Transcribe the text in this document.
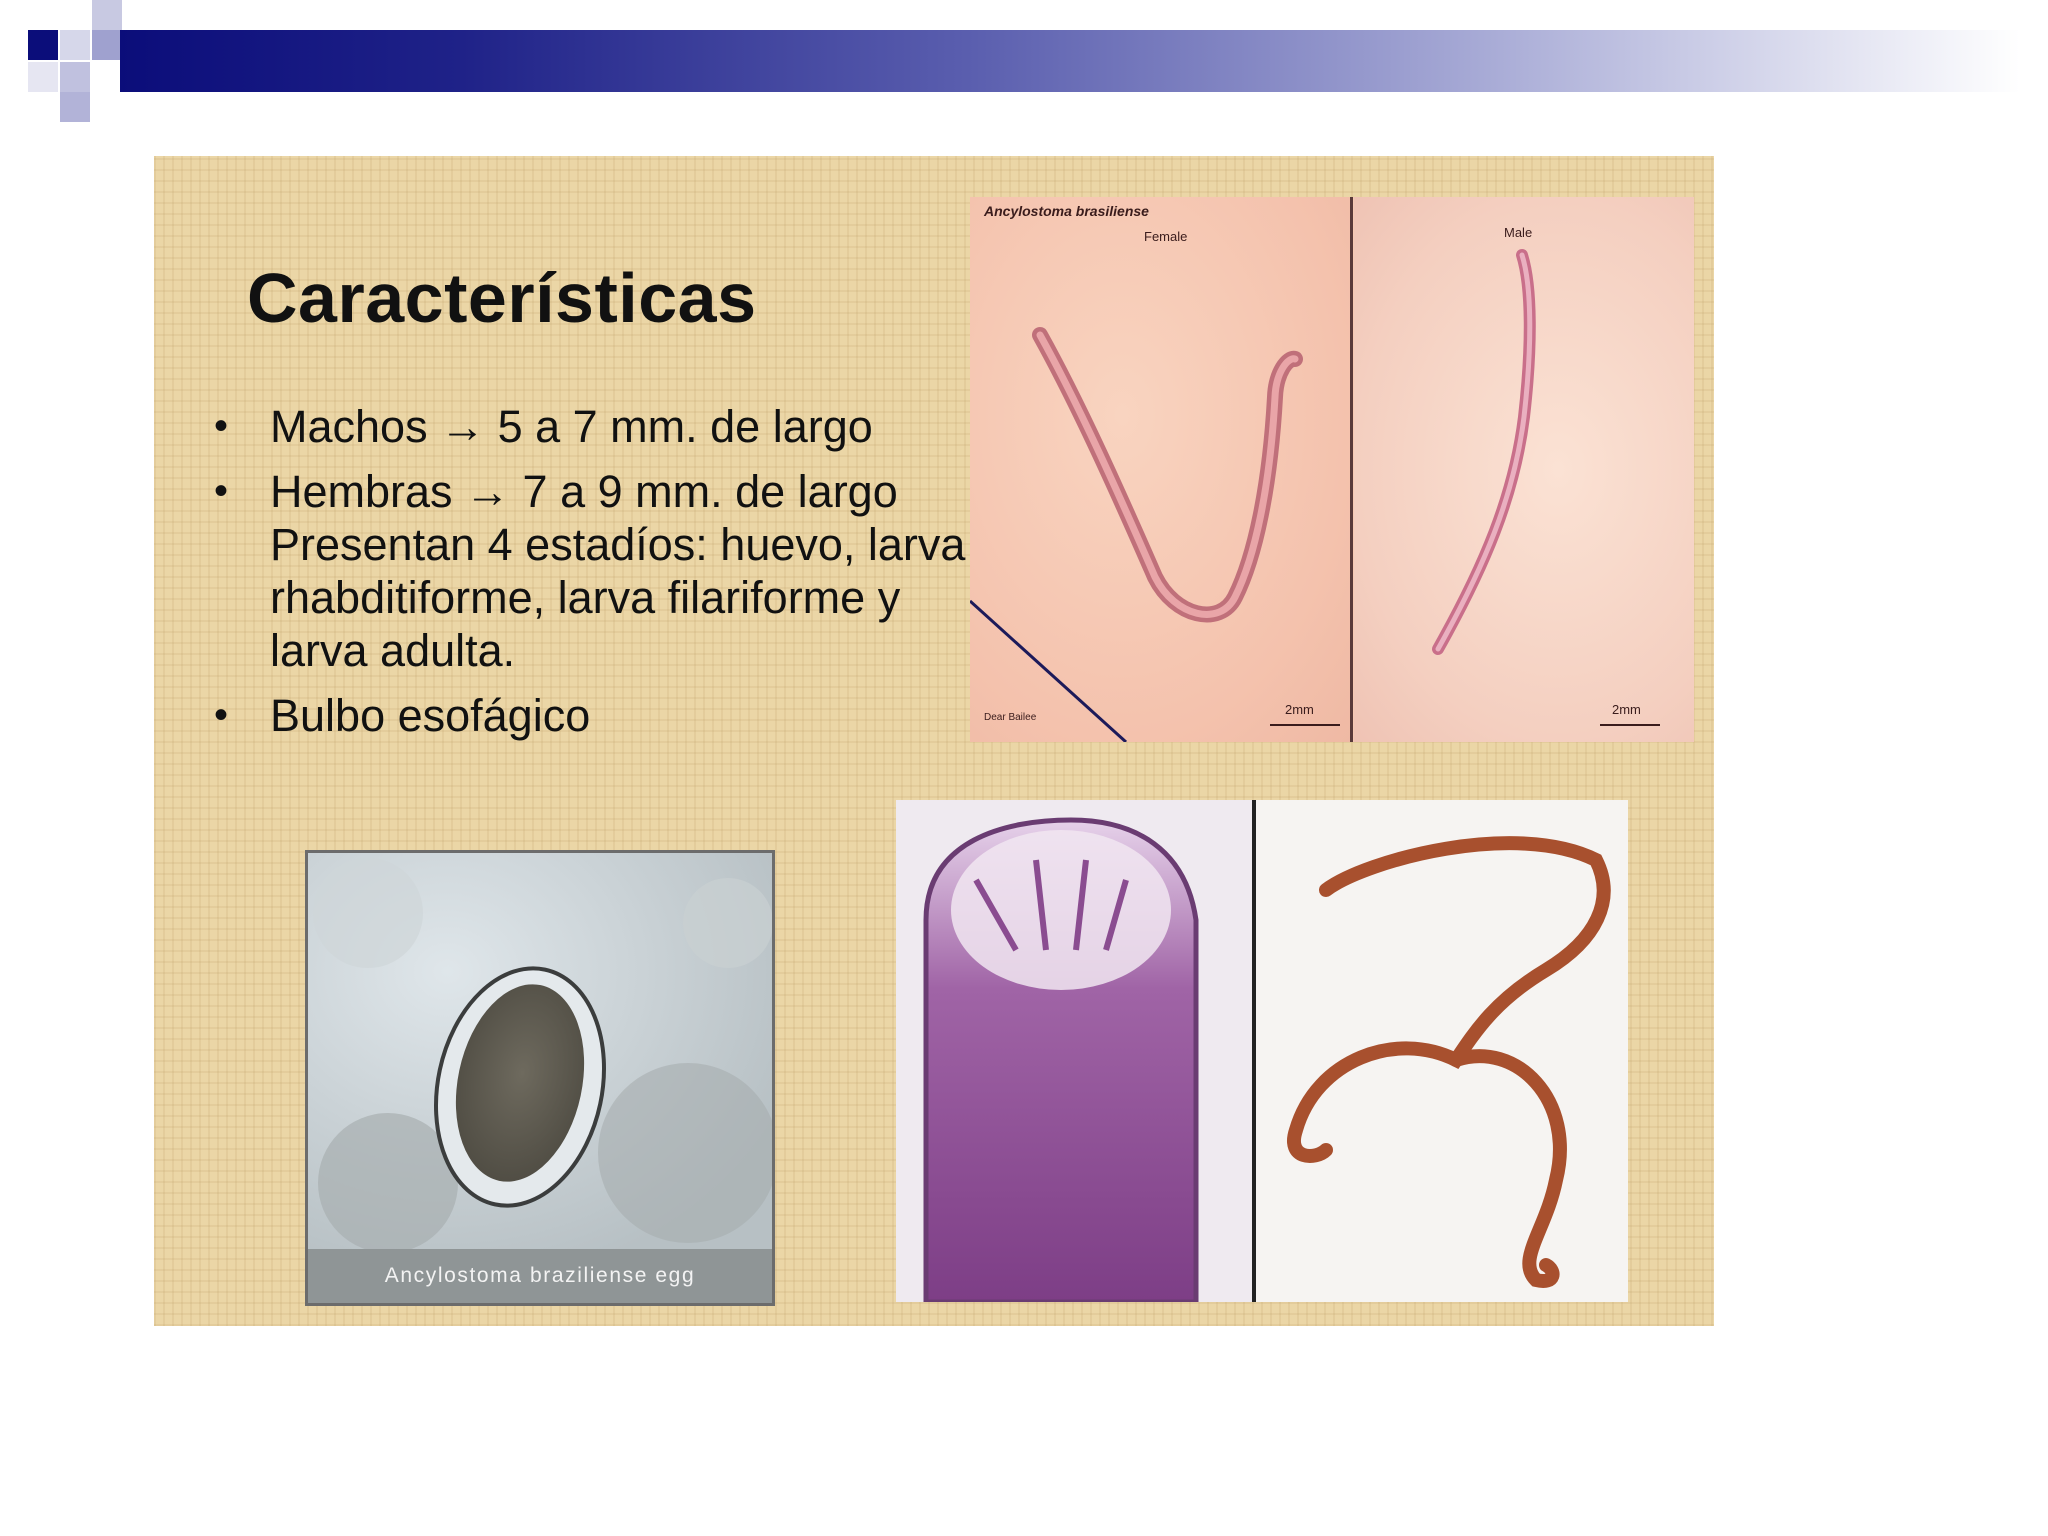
Características
• Machos → 5 a 7 mm. de largo
• Hembras → 7 a 9 mm. de largo Presentan 4 estadíos: huevo, larva rhabditiforme, larva filariforme y larva adulta.
• Bulbo esofágico
Ancylostoma brasiliense
Female
2mm
Dear Bailee
Male
2mm
Ancylostoma braziliense egg
